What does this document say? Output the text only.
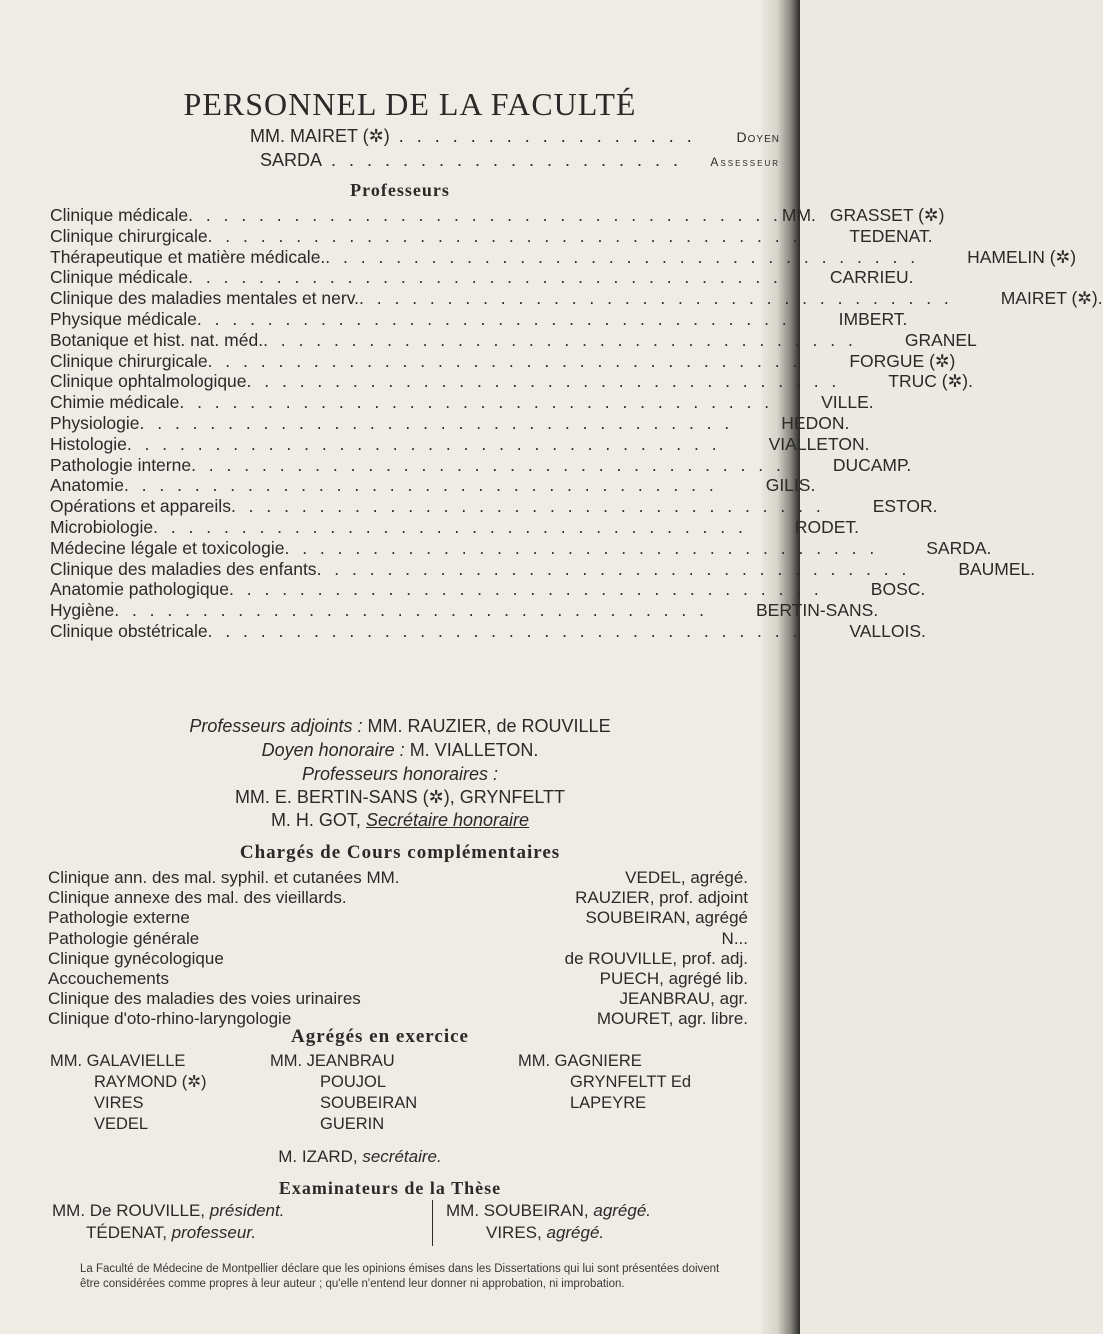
PERSONNEL DE LA FACULTÉ
MM. MAIRET (✲) . . . . . . . . . . . . . . . . .	Doyen
SARDA . . . . . . . . . . . . . . . . . . . .	Assesseur
Professeurs
Clinique médicale . . . . . . . . . . . . . . . . . . . . . . . . . . . . . . . . . . MM. GRASSET (✲)
Clinique chirurgicale . . . . . . . . . . . . . . . . . . . . . . . . . . . . . . . . . .	TEDENAT.
Thérapeutique et matière médicale. . . . . . . . . . . . . . . . . . . . . . . . . . . . . . . . . . .	HAMELIN (✲)
Clinique médicale . . . . . . . . . . . . . . . . . . . . . . . . . . . . . . . . . .	CARRIEU.
Clinique des maladies mentales et nerv. . . . . . . . . . . . . . . . . . . . . . . . . . . . . . . . . . .	MAIRET (✲).
Physique médicale . . . . . . . . . . . . . . . . . . . . . . . . . . . . . . . . . .	IMBERT.
Botanique et hist. nat. méd. . . . . . . . . . . . . . . . . . . . . . . . . . . . . . . . . . .	GRANEL
Clinique chirurgicale . . . . . . . . . . . . . . . . . . . . . . . . . . . . . . . . . .	FORGUE (✲)
Clinique ophtalmologique . . . . . . . . . . . . . . . . . . . . . . . . . . . . . . . . . .	TRUC (✲).
Chimie médicale . . . . . . . . . . . . . . . . . . . . . . . . . . . . . . . . . .	VILLE.
Physiologie . . . . . . . . . . . . . . . . . . . . . . . . . . . . . . . . . .	HEDON.
Histologie . . . . . . . . . . . . . . . . . . . . . . . . . . . . . . . . . .	VIALLETON.
Pathologie interne . . . . . . . . . . . . . . . . . . . . . . . . . . . . . . . . . .	DUCAMP.
Anatomie . . . . . . . . . . . . . . . . . . . . . . . . . . . . . . . . . .	GILIS.
Opérations et appareils . . . . . . . . . . . . . . . . . . . . . . . . . . . . . . . . . .	ESTOR.
Microbiologie . . . . . . . . . . . . . . . . . . . . . . . . . . . . . . . . . .	RODET.
Médecine légale et toxicologie . . . . . . . . . . . . . . . . . . . . . . . . . . . . . . . . . .	SARDA.
Clinique des maladies des enfants . . . . . . . . . . . . . . . . . . . . . . . . . . . . . . . . . .	BAUMEL.
Anatomie pathologique . . . . . . . . . . . . . . . . . . . . . . . . . . . . . . . . . .	BOSC.
Hygiène . . . . . . . . . . . . . . . . . . . . . . . . . . . . . . . . . .	BERTIN-SANS.
Clinique obstétricale . . . . . . . . . . . . . . . . . . . . . . . . . . . . . . . . . .	VALLOIS.
Professeurs adjoints : MM. RAUZIER, de ROUVILLE
Doyen honoraire : M. VIALLETON.
Professeurs honoraires :
MM. E. BERTIN-SANS (✲), GRYNFELTT
M. H. GOT, Secrétaire honoraire
Chargés de Cours complémentaires
Clinique ann. des mal. syphil. et cutanées MM.	VEDEL, agrégé.
Clinique annexe des mal. des vieillards.	RAUZIER, prof. adjoint
Pathologie externe	SOUBEIRAN, agrégé
Pathologie générale	N...
Clinique gynécologique	de ROUVILLE, prof. adj.
Accouchements	PUECH, agrégé lib.
Clinique des maladies des voies urinaires	JEANBRAU, agr.
Clinique d'oto-rhino-laryngologie	MOURET, agr. libre.
Agrégés en exercice
MM. GALAVIELLE
RAYMOND (✲)
VIRES
VEDEL
MM. JEANBRAU
POUJOL
SOUBEIRAN
GUERIN
MM. GAGNIERE
GRYNFELTT Ed
LAPEYRE
M. IZARD, secrétaire.
Examinateurs de la Thèse
MM. De ROUVILLE, président.
TÉDENAT, professeur.
MM. SOUBEIRAN, agrégé.
VIRES, agrégé.
La Faculté de Médecine de Montpellier déclare que les opinions émises dans les Dissertations qui lui sont présentées doivent être considérées comme propres à leur auteur ; qu'elle n'entend leur donner ni approbation, ni improbation.
